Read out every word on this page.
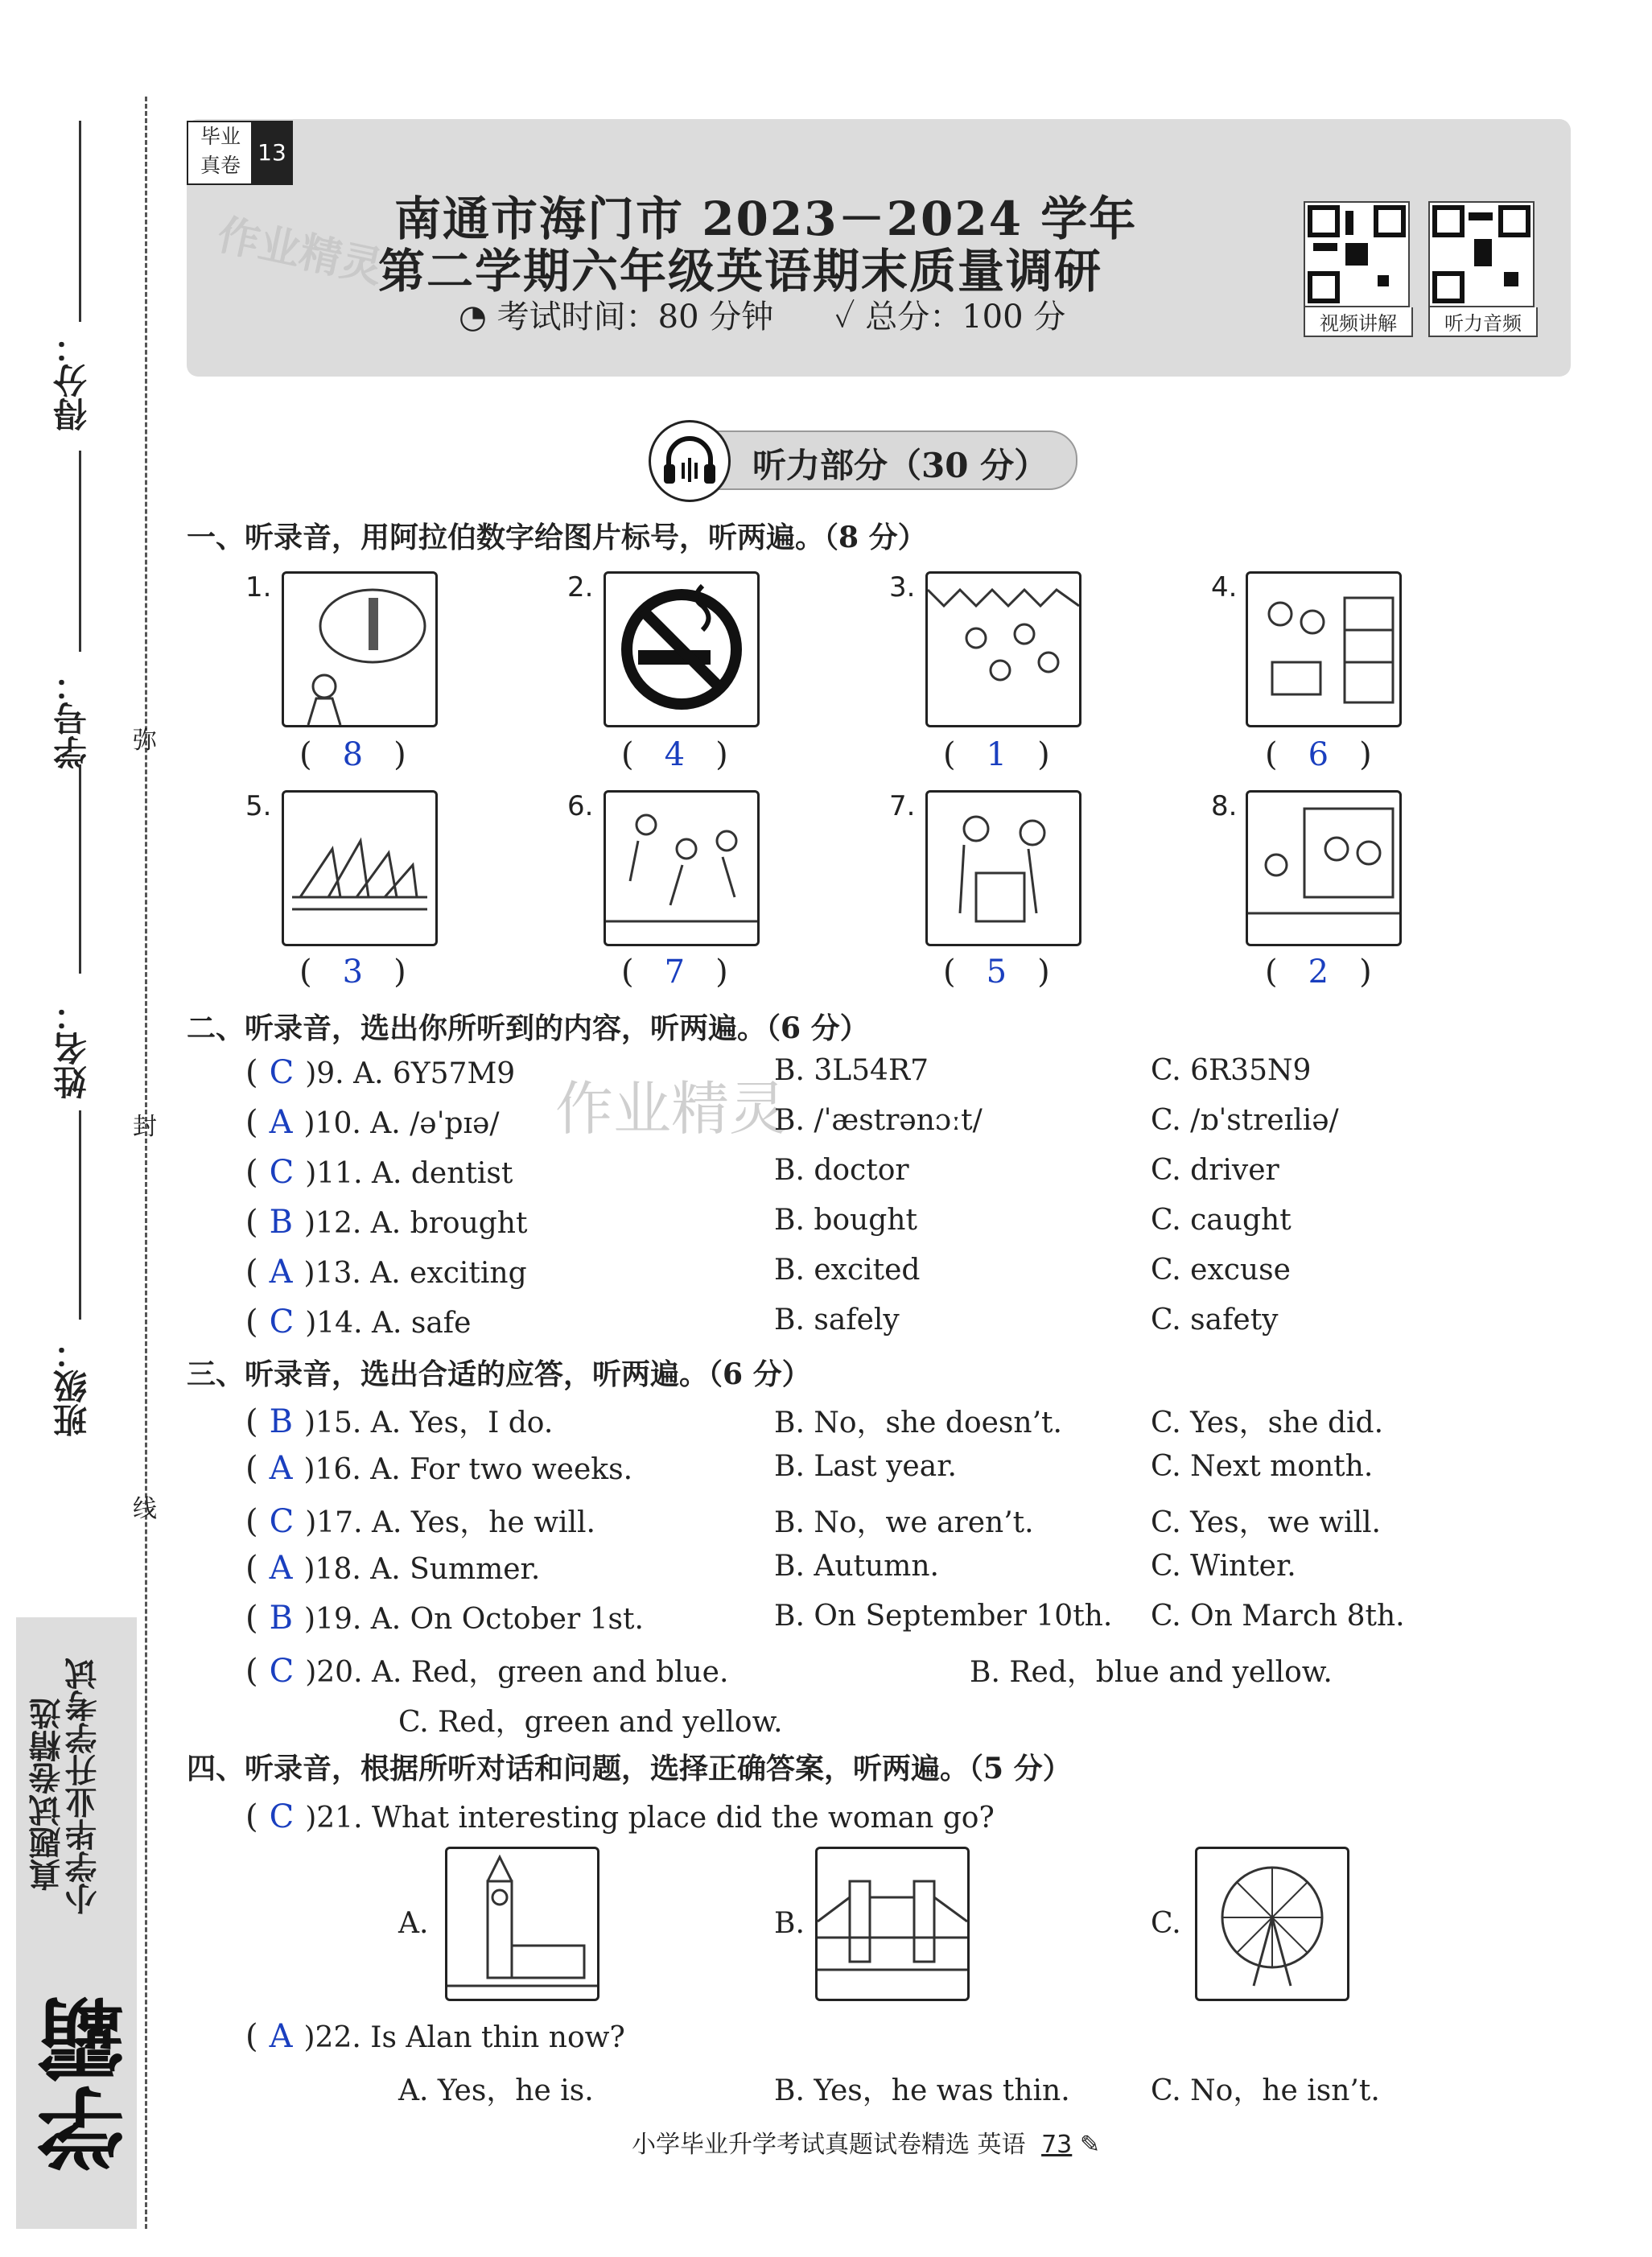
得分：
学号：
姓名：
班级：
弥
封
线
学霸
小学毕业升学考试
真题试卷精选
毕业
真卷 13
作业精灵 南通市海门市 2023－2024 学年
第二学期六年级英语期末质量调研
◔ 考试时间：80 分钟 ✓ 总分：100 分	视频讲解	听力音频
听力部分（30 分）
一、听录音，用阿拉伯数字给图片标号，听两遍。（8 分）
1.
( 8 )
2.
( 4 )
3.
( 1 )
4.
( 6 )
5.
( 3 )
6.
( 7 )
7.
( 5 )
8.
( 2 )
二、听录音，选出你所听到的内容，听两遍。（6 分）
作业精灵
( C )9. A. 6Y57M9	B. 3L54R7	C. 6R35N9
( A )10. A. /əˈpɪə/	B. /ˈæstrənɔːt/	C. /ɒˈstreɪliə/
( C )11. A. dentist	B. doctor	C. driver
( B )12. A. brought	B. bought	C. caught
( A )13. A. exciting	B. excited	C. excuse
( C )14. A. safe	B. safely	C. safety
三、听录音，选出合适的应答，听两遍。（6 分）
( B )15. A. Yes，I do.	B. No，she doesn’t.	C. Yes，she did.
( A )16. A. For two weeks.	B. Last year.	C. Next month.
( C )17. A. Yes，he will.	B. No，we aren’t.	C. Yes，we will.
( A )18. A. Summer.	B. Autumn.	C. Winter.
( B )19. A. On October 1st.	B. On September 10th. C. On March 8th.
( C )20. A. Red，green and blue.	B. Red，blue and yellow.
C. Red，green and yellow.
四、听录音，根据所听对话和问题，选择正确答案，听两遍。（5 分）
( C )21. What interesting place did the woman go?
A.	B.	C.
( A )22. Is Alan thin now?
A. Yes，he is.	B. Yes，he was thin.	C. No，he isn’t.
小学毕业升学考试真题试卷精选 英语 73 ✎
